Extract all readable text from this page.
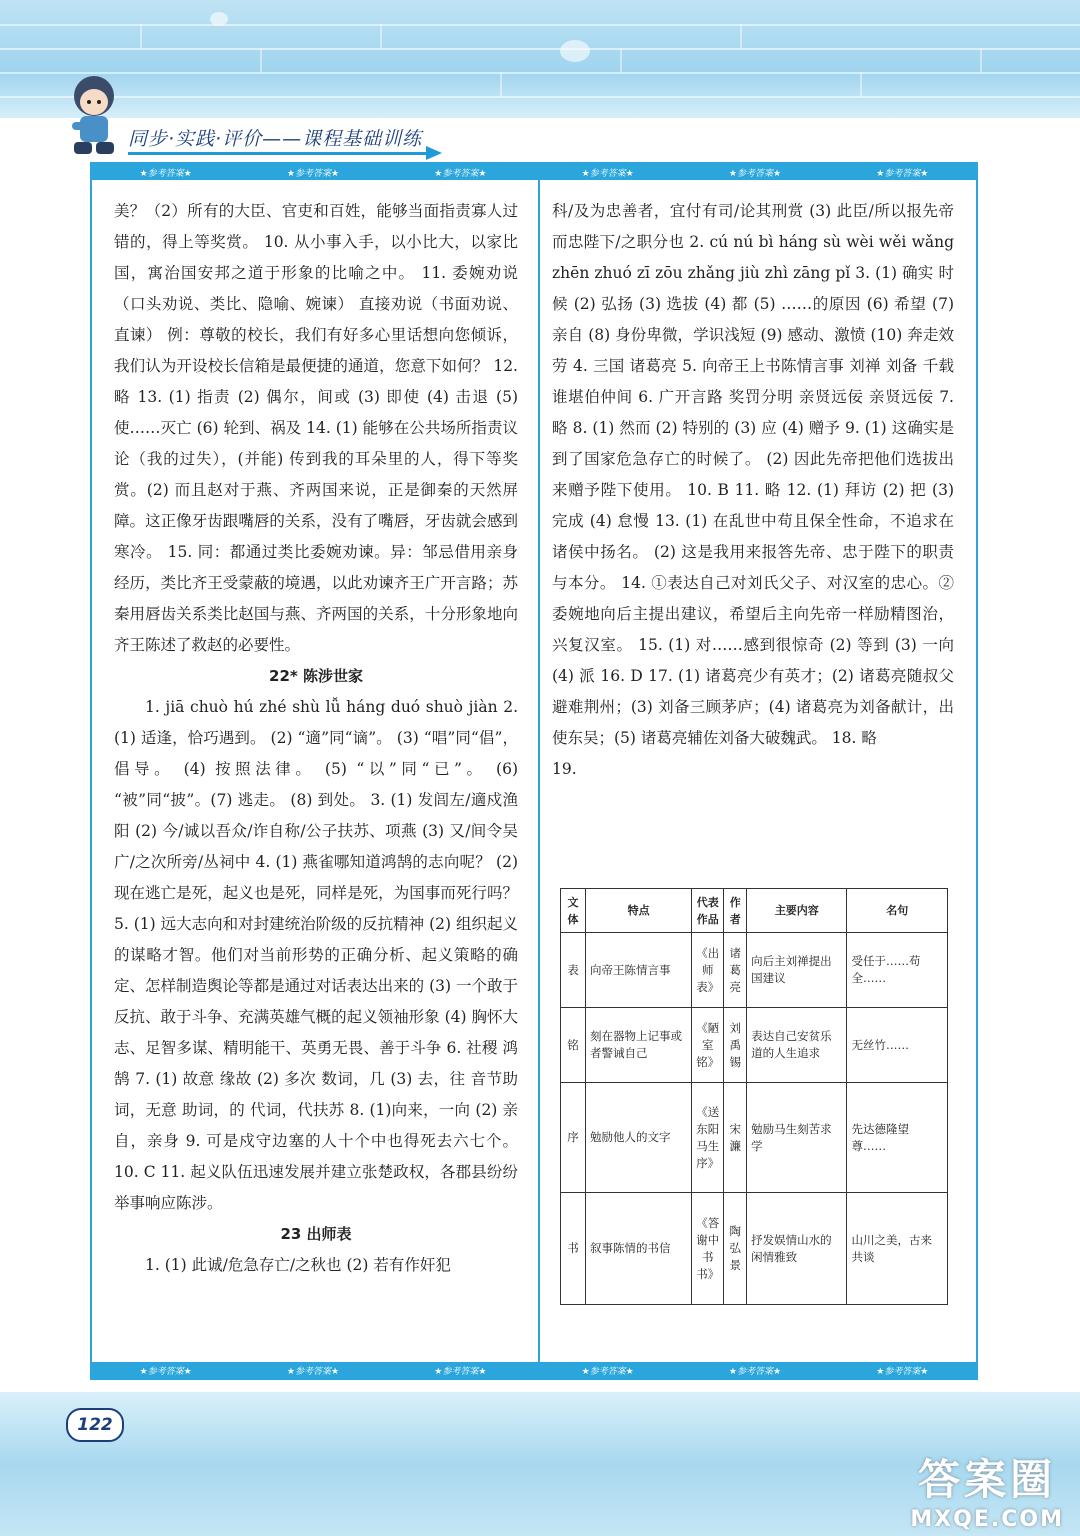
同步·实践·评价——课程基础训练
★参考答案★	★参考答案★	★参考答案★	★参考答案★	★参考答案★	★参考答案★
★参考答案★	★参考答案★	★参考答案★	★参考答案★	★参考答案★	★参考答案★

美？（2）所有的大臣、官吏和百姓，能够当面指责寡人过错的，得上等奖赏。 10. 从小事入手，以小比大，以家比国，寓治国安邦之道于形象的比喻之中。 11. 委婉劝说（口头劝说、类比、隐喻、婉谏） 直接劝说（书面劝说、直谏） 例：尊敬的校长，我们有好多心里话想向您倾诉，我们认为开设校长信箱是最便捷的通道，您意下如何？ 12. 略 13. (1) 指责 (2) 偶尔，间或 (3) 即使 (4) 击退 (5) 使……灭亡 (6) 轮到、祸及 14. (1) 能够在公共场所指责议论（我的过失），(并能) 传到我的耳朵里的人，得下等奖赏。(2) 而且赵对于燕、齐两国来说，正是御秦的天然屏障。这正像牙齿跟嘴唇的关系，没有了嘴唇，牙齿就会感到寒冷。 15. 同：都通过类比委婉劝谏。异：邹忌借用亲身经历，类比齐王受蒙蔽的境遇，以此劝谏齐王广开言路；苏秦用唇齿关系类比赵国与燕、齐两国的关系，十分形象地向齐王陈述了救赵的必要性。

22* 陈涉世家

1. jiā chuò hú zhé shù lǚ háng duó shuò jiàn 2. (1) 适逢，恰巧遇到。 (2) “適”同“谪”。 (3) “唱”同“倡”，倡导。 (4) 按照法律。 (5) “以”同“已”。 (6) “被”同“披”。(7) 逃走。 (8) 到处。 3. (1) 发闾左/適戍渔阳 (2) 今/诚以吾众/诈自称/公子扶苏、项燕 (3) 又/间令吴广/之次所旁/丛祠中 4. (1) 燕雀哪知道鸿鹄的志向呢？ (2) 现在逃亡是死，起义也是死，同样是死，为国事而死行吗？ 5. (1) 远大志向和对封建统治阶级的反抗精神 (2) 组织起义的谋略才智。他们对当前形势的正确分析、起义策略的确定、怎样制造舆论等都是通过对话表达出来的 (3) 一个敢于反抗、敢于斗争、充满英雄气概的起义领袖形象 (4) 胸怀大志、足智多谋、精明能干、英勇无畏、善于斗争 6. 社稷 鸿鹄 7. (1) 故意 缘故 (2) 多次 数词，几 (3) 去，往 音节助词，无意 助词，的 代词，代扶苏 8. (1)向来，一向 (2) 亲自，亲身 9. 可是戍守边塞的人十个中也得死去六七个。 10. C 11. 起义队伍迅速发展并建立张楚政权，各郡县纷纷举事响应陈涉。

23 出师表

1. (1) 此诚/危急存亡/之秋也 (2) 若有作奸犯

科/及为忠善者，宜付有司/论其刑赏 (3) 此臣/所以报先帝而忠陛下/之职分也 2. cú nú bì háng sù wèi wěi wǎng zhēn zhuó zī zōu zhǎng jiù zhì zāng pǐ 3. (1) 确实 时候 (2) 弘扬 (3) 选拔 (4) 都 (5) ……的原因 (6) 希望 (7) 亲自 (8) 身份卑微，学识浅短 (9) 感动、激愤 (10) 奔走效劳 4. 三国 诸葛亮 5. 向帝王上书陈情言事 刘禅 刘备 千载谁堪伯仲间 6. 广开言路 奖罚分明 亲贤远佞 亲贤远佞 7. 略 8. (1) 然而 (2) 特别的 (3) 应 (4) 赠予 9. (1) 这确实是到了国家危急存亡的时候了。 (2) 因此先帝把他们选拔出来赠予陛下使用。 10. B 11. 略 12. (1) 拜访 (2) 把 (3) 完成 (4) 怠慢 13. (1) 在乱世中苟且保全性命，不追求在诸侯中扬名。 (2) 这是我用来报答先帝、忠于陛下的职责与本分。 14. ①表达自己对刘氏父子、对汉室的忠心。②委婉地向后主提出建议，希望后主向先帝一样励精图治，兴复汉室。 15. (1) 对……感到很惊奇 (2) 等到 (3) 一向 (4) 派 16. D 17. (1) 诸葛亮少有英才；(2) 诸葛亮随叔父避难荆州；(3) 刘备三顾茅庐；(4) 诸葛亮为刘备献计，出使东吴；(5) 诸葛亮辅佐刘备大破魏武。 18. 略

19.

文体	特点	代表作品	作者	主要内容	名句
表	向帝王陈情言事	《出师表》	诸葛亮	向后主刘禅提出国建议	受任于……苟全……
铭	刻在器物上记事或者警诫自己	《陋室铭》	刘禹锡	表达自己安贫乐道的人生追求	无丝竹……
序	勉励他人的文字	《送东阳马生序》	宋濂	勉励马生刻苦求学	先达德隆望尊……
书	叙事陈情的书信	《答谢中书书》	陶弘景	抒发娱情山水的闲情雅致	山川之美，古来共谈
答案圈
MXQE.COM
122
